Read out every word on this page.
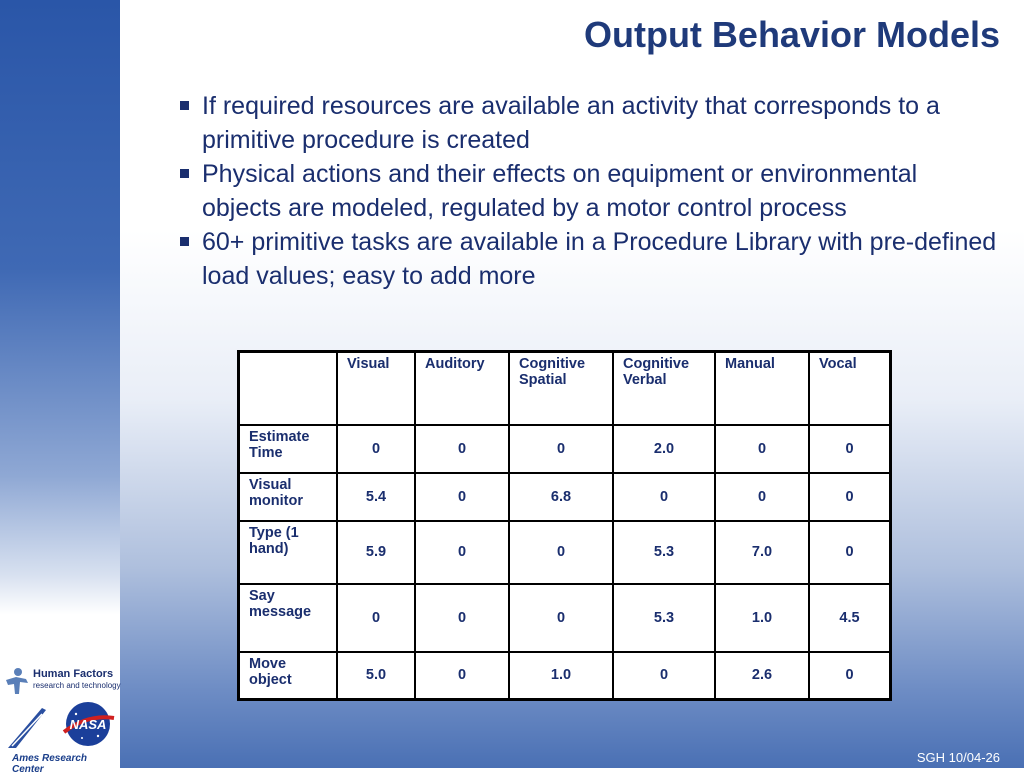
Output Behavior Models
If required resources are available an activity that corresponds to a primitive procedure is created
Physical actions and their effects on equipment or environmental objects are modeled, regulated by a motor control process
60+ primitive tasks are available in a Procedure Library with pre-defined load values; easy to add more
	Visual	Auditory	Cognitive Spatial	Cognitive Verbal	Manual	Vocal
Estimate Time	0	0	0	2.0	0	0
Visual monitor	5.4	0	6.8	0	0	0
Type (1 hand)	5.9	0	0	5.3	7.0	0
Say message	0	0	0	5.3	1.0	4.5
Move object	5.0	0	1.0	0	2.6	0
Human Factors
research and technology
NASA
Ames Research Center
SGH 10/04-26
